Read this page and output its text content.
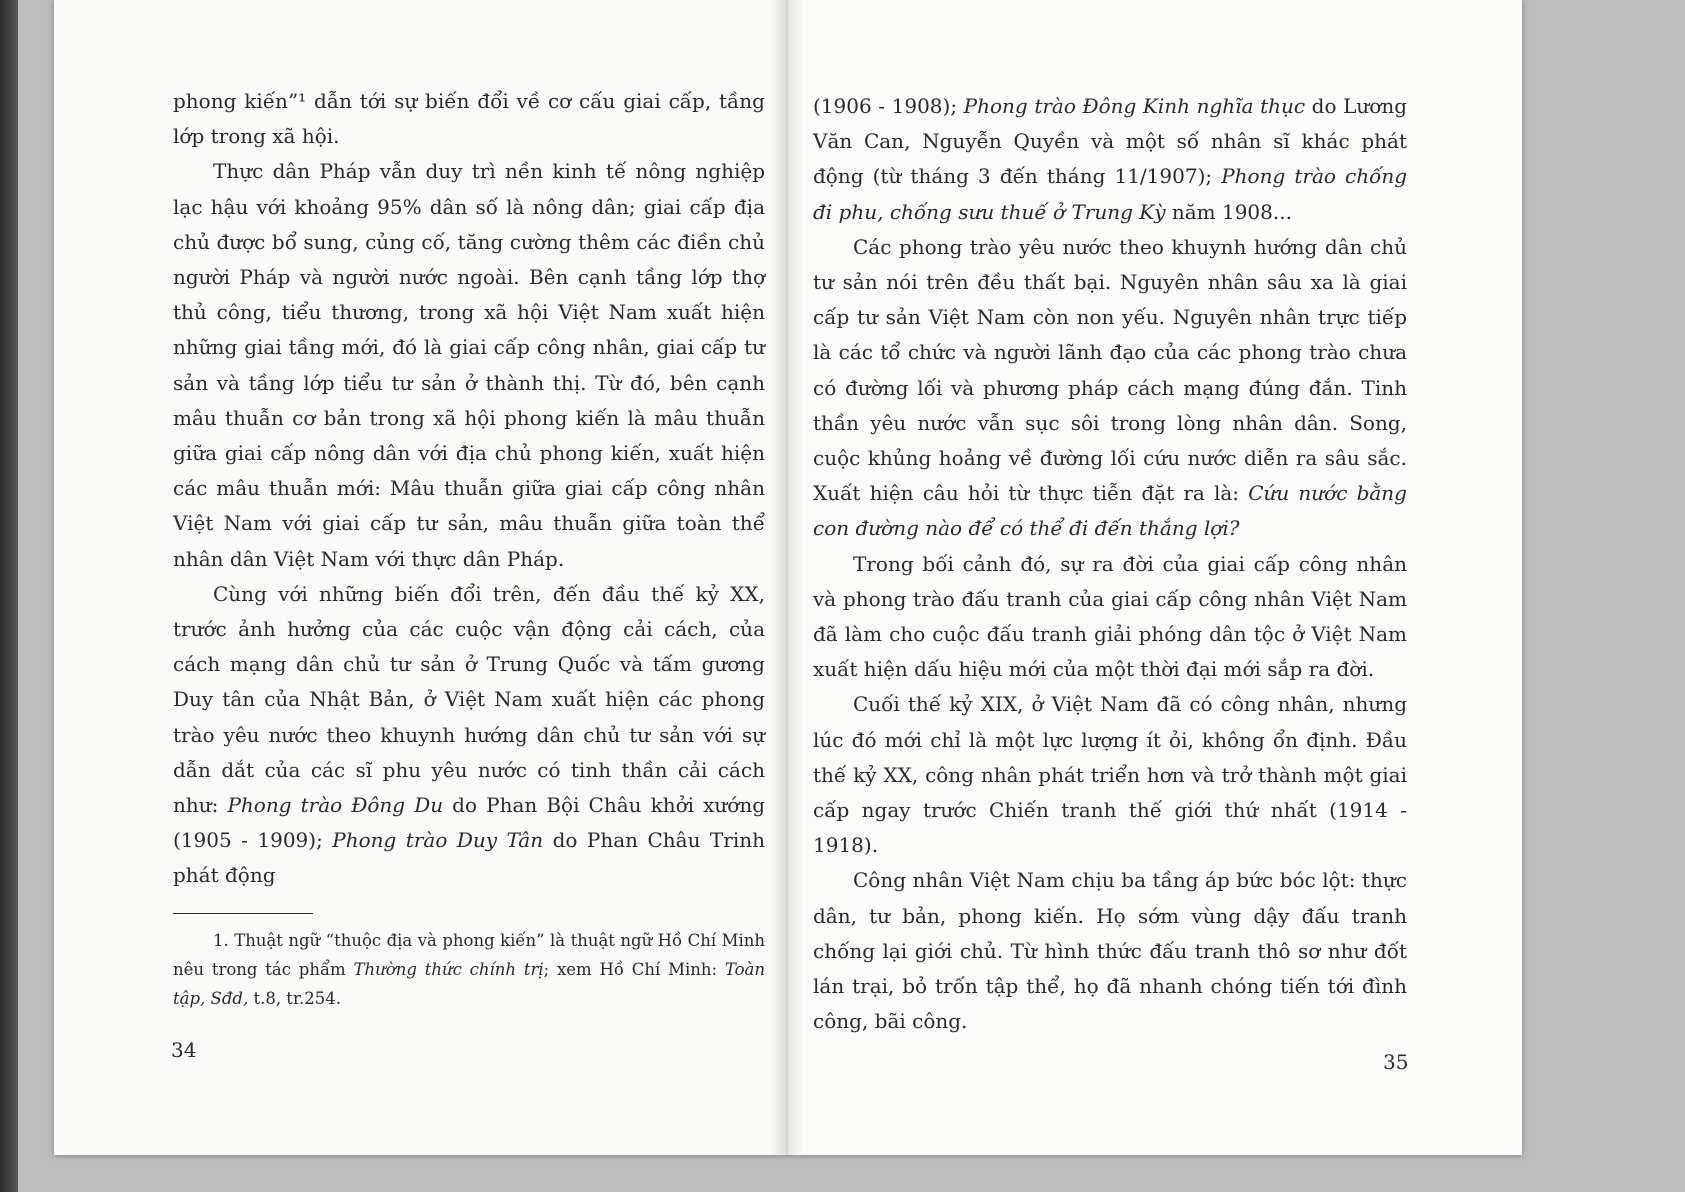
phong kiến”¹ dẫn tới sự biến đổi về cơ cấu giai cấp, tầng lớp trong xã hội.

Thực dân Pháp vẫn duy trì nền kinh tế nông nghiệp lạc hậu với khoảng 95% dân số là nông dân; giai cấp địa chủ được bổ sung, củng cố, tăng cường thêm các điền chủ người Pháp và người nước ngoài. Bên cạnh tầng lớp thợ thủ công, tiểu thương, trong xã hội Việt Nam xuất hiện những giai tầng mới, đó là giai cấp công nhân, giai cấp tư sản và tầng lớp tiểu tư sản ở thành thị. Từ đó, bên cạnh mâu thuẫn cơ bản trong xã hội phong kiến là mâu thuẫn giữa giai cấp nông dân với địa chủ phong kiến, xuất hiện các mâu thuẫn mới: Mâu thuẫn giữa giai cấp công nhân Việt Nam với giai cấp tư sản, mâu thuẫn giữa toàn thể nhân dân Việt Nam với thực dân Pháp.

Cùng với những biến đổi trên, đến đầu thế kỷ XX, trước ảnh hưởng của các cuộc vận động cải cách, của cách mạng dân chủ tư sản ở Trung Quốc và tấm gương Duy tân của Nhật Bản, ở Việt Nam xuất hiện các phong trào yêu nước theo khuynh hướng dân chủ tư sản với sự dẫn dắt của các sĩ phu yêu nước có tinh thần cải cách như: Phong trào Đông Du do Phan Bội Châu khởi xướng (1905 - 1909); Phong trào Duy Tân do Phan Châu Trinh phát động

1. Thuật ngữ “thuộc địa và phong kiến” là thuật ngữ Hồ Chí Minh nêu trong tác phẩm Thường thức chính trị; xem Hồ Chí Minh: Toàn tập, Sđd, t.8, tr.254.

34

(1906 - 1908); Phong trào Đông Kinh nghĩa thục do Lương Văn Can, Nguyễn Quyền và một số nhân sĩ khác phát động (từ tháng 3 đến tháng 11/1907); Phong trào chống đi phu, chống sưu thuế ở Trung Kỳ năm 1908...

Các phong trào yêu nước theo khuynh hướng dân chủ tư sản nói trên đều thất bại. Nguyên nhân sâu xa là giai cấp tư sản Việt Nam còn non yếu. Nguyên nhân trực tiếp là các tổ chức và người lãnh đạo của các phong trào chưa có đường lối và phương pháp cách mạng đúng đắn. Tinh thần yêu nước vẫn sục sôi trong lòng nhân dân. Song, cuộc khủng hoảng về đường lối cứu nước diễn ra sâu sắc. Xuất hiện câu hỏi từ thực tiễn đặt ra là: Cứu nước bằng con đường nào để có thể đi đến thắng lợi?

Trong bối cảnh đó, sự ra đời của giai cấp công nhân và phong trào đấu tranh của giai cấp công nhân Việt Nam đã làm cho cuộc đấu tranh giải phóng dân tộc ở Việt Nam xuất hiện dấu hiệu mới của một thời đại mới sắp ra đời.

Cuối thế kỷ XIX, ở Việt Nam đã có công nhân, nhưng lúc đó mới chỉ là một lực lượng ít ỏi, không ổn định. Đầu thế kỷ XX, công nhân phát triển hơn và trở thành một giai cấp ngay trước Chiến tranh thế giới thứ nhất (1914 - 1918).

Công nhân Việt Nam chịu ba tầng áp bức bóc lột: thực dân, tư bản, phong kiến. Họ sớm vùng dậy đấu tranh chống lại giới chủ. Từ hình thức đấu tranh thô sơ như đốt lán trại, bỏ trốn tập thể, họ đã nhanh chóng tiến tới đình công, bãi công.

35
